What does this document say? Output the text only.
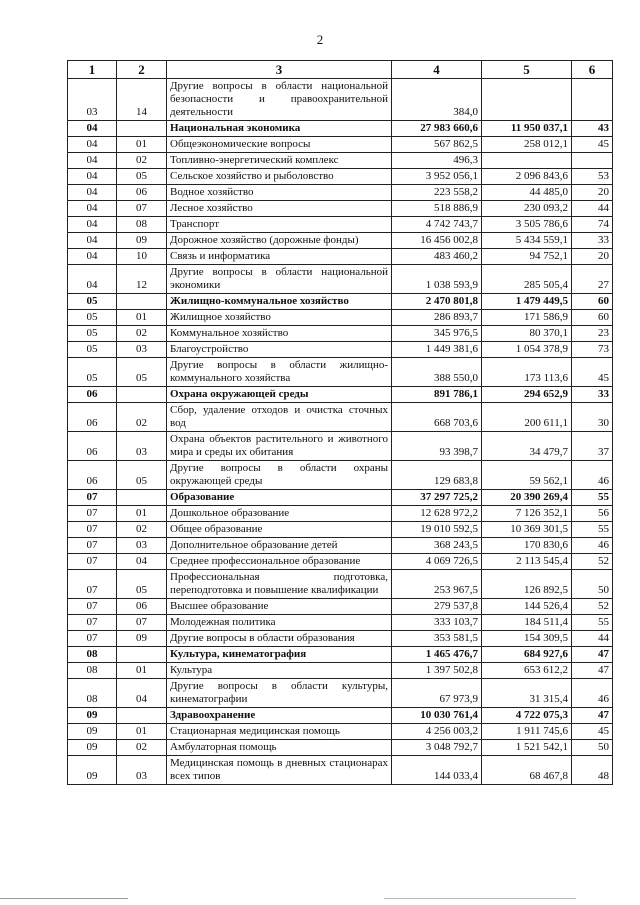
2
1	2	3	4	5	6
03	14	Другие вопросы в области национальной безопасности и правоохранительной деятельности	384,0		
04		Национальная экономика	27 983 660,6	11 950 037,1	43
04	01	Общеэкономические вопросы	567 862,5	258 012,1	45
04	02	Топливно-энергетический комплекс	496,3		
04	05	Сельское хозяйство и рыболовство	3 952 056,1	2 096 843,6	53
04	06	Водное хозяйство	223 558,2	44 485,0	20
04	07	Лесное хозяйство	518 886,9	230 093,2	44
04	08	Транспорт	4 742 743,7	3 505 786,6	74
04	09	Дорожное хозяйство (дорожные фонды)	16 456 002,8	5 434 559,1	33
04	10	Связь и информатика	483 460,2	94 752,1	20
04	12	Другие вопросы в области национальной экономики	1 038 593,9	285 505,4	27
05		Жилищно-коммунальное хозяйство	2 470 801,8	1 479 449,5	60
05	01	Жилищное хозяйство	286 893,7	171 586,9	60
05	02	Коммунальное хозяйство	345 976,5	80 370,1	23
05	03	Благоустройство	1 449 381,6	1 054 378,9	73
05	05	Другие вопросы в области жилищно-коммунального хозяйства	388 550,0	173 113,6	45
06		Охрана окружающей среды	891 786,1	294 652,9	33
06	02	Сбор, удаление отходов и очистка сточных вод	668 703,6	200 611,1	30
06	03	Охрана объектов растительного и животного мира и среды их обитания	93 398,7	34 479,7	37
06	05	Другие вопросы в области охраны окружающей среды	129 683,8	59 562,1	46
07		Образование	37 297 725,2	20 390 269,4	55
07	01	Дошкольное образование	12 628 972,2	7 126 352,1	56
07	02	Общее образование	19 010 592,5	10 369 301,5	55
07	03	Дополнительное образование детей	368 243,5	170 830,6	46
07	04	Среднее профессиональное образование	4 069 726,5	2 113 545,4	52
07	05	Профессиональная подготовка, переподготовка и повышение квалификации	253 967,5	126 892,5	50
07	06	Высшее образование	279 537,8	144 526,4	52
07	07	Молодежная политика	333 103,7	184 511,4	55
07	09	Другие вопросы в области образования	353 581,5	154 309,5	44
08		Культура, кинематография	1 465 476,7	684 927,6	47
08	01	Культура	1 397 502,8	653 612,2	47
08	04	Другие вопросы в области культуры, кинематографии	67 973,9	31 315,4	46
09		Здравоохранение	10 030 761,4	4 722 075,3	47
09	01	Стационарная медицинская помощь	4 256 003,2	1 911 745,6	45
09	02	Амбулаторная помощь	3 048 792,7	1 521 542,1	50
09	03	Медицинская помощь в дневных стационарах всех типов	144 033,4	68 467,8	48
